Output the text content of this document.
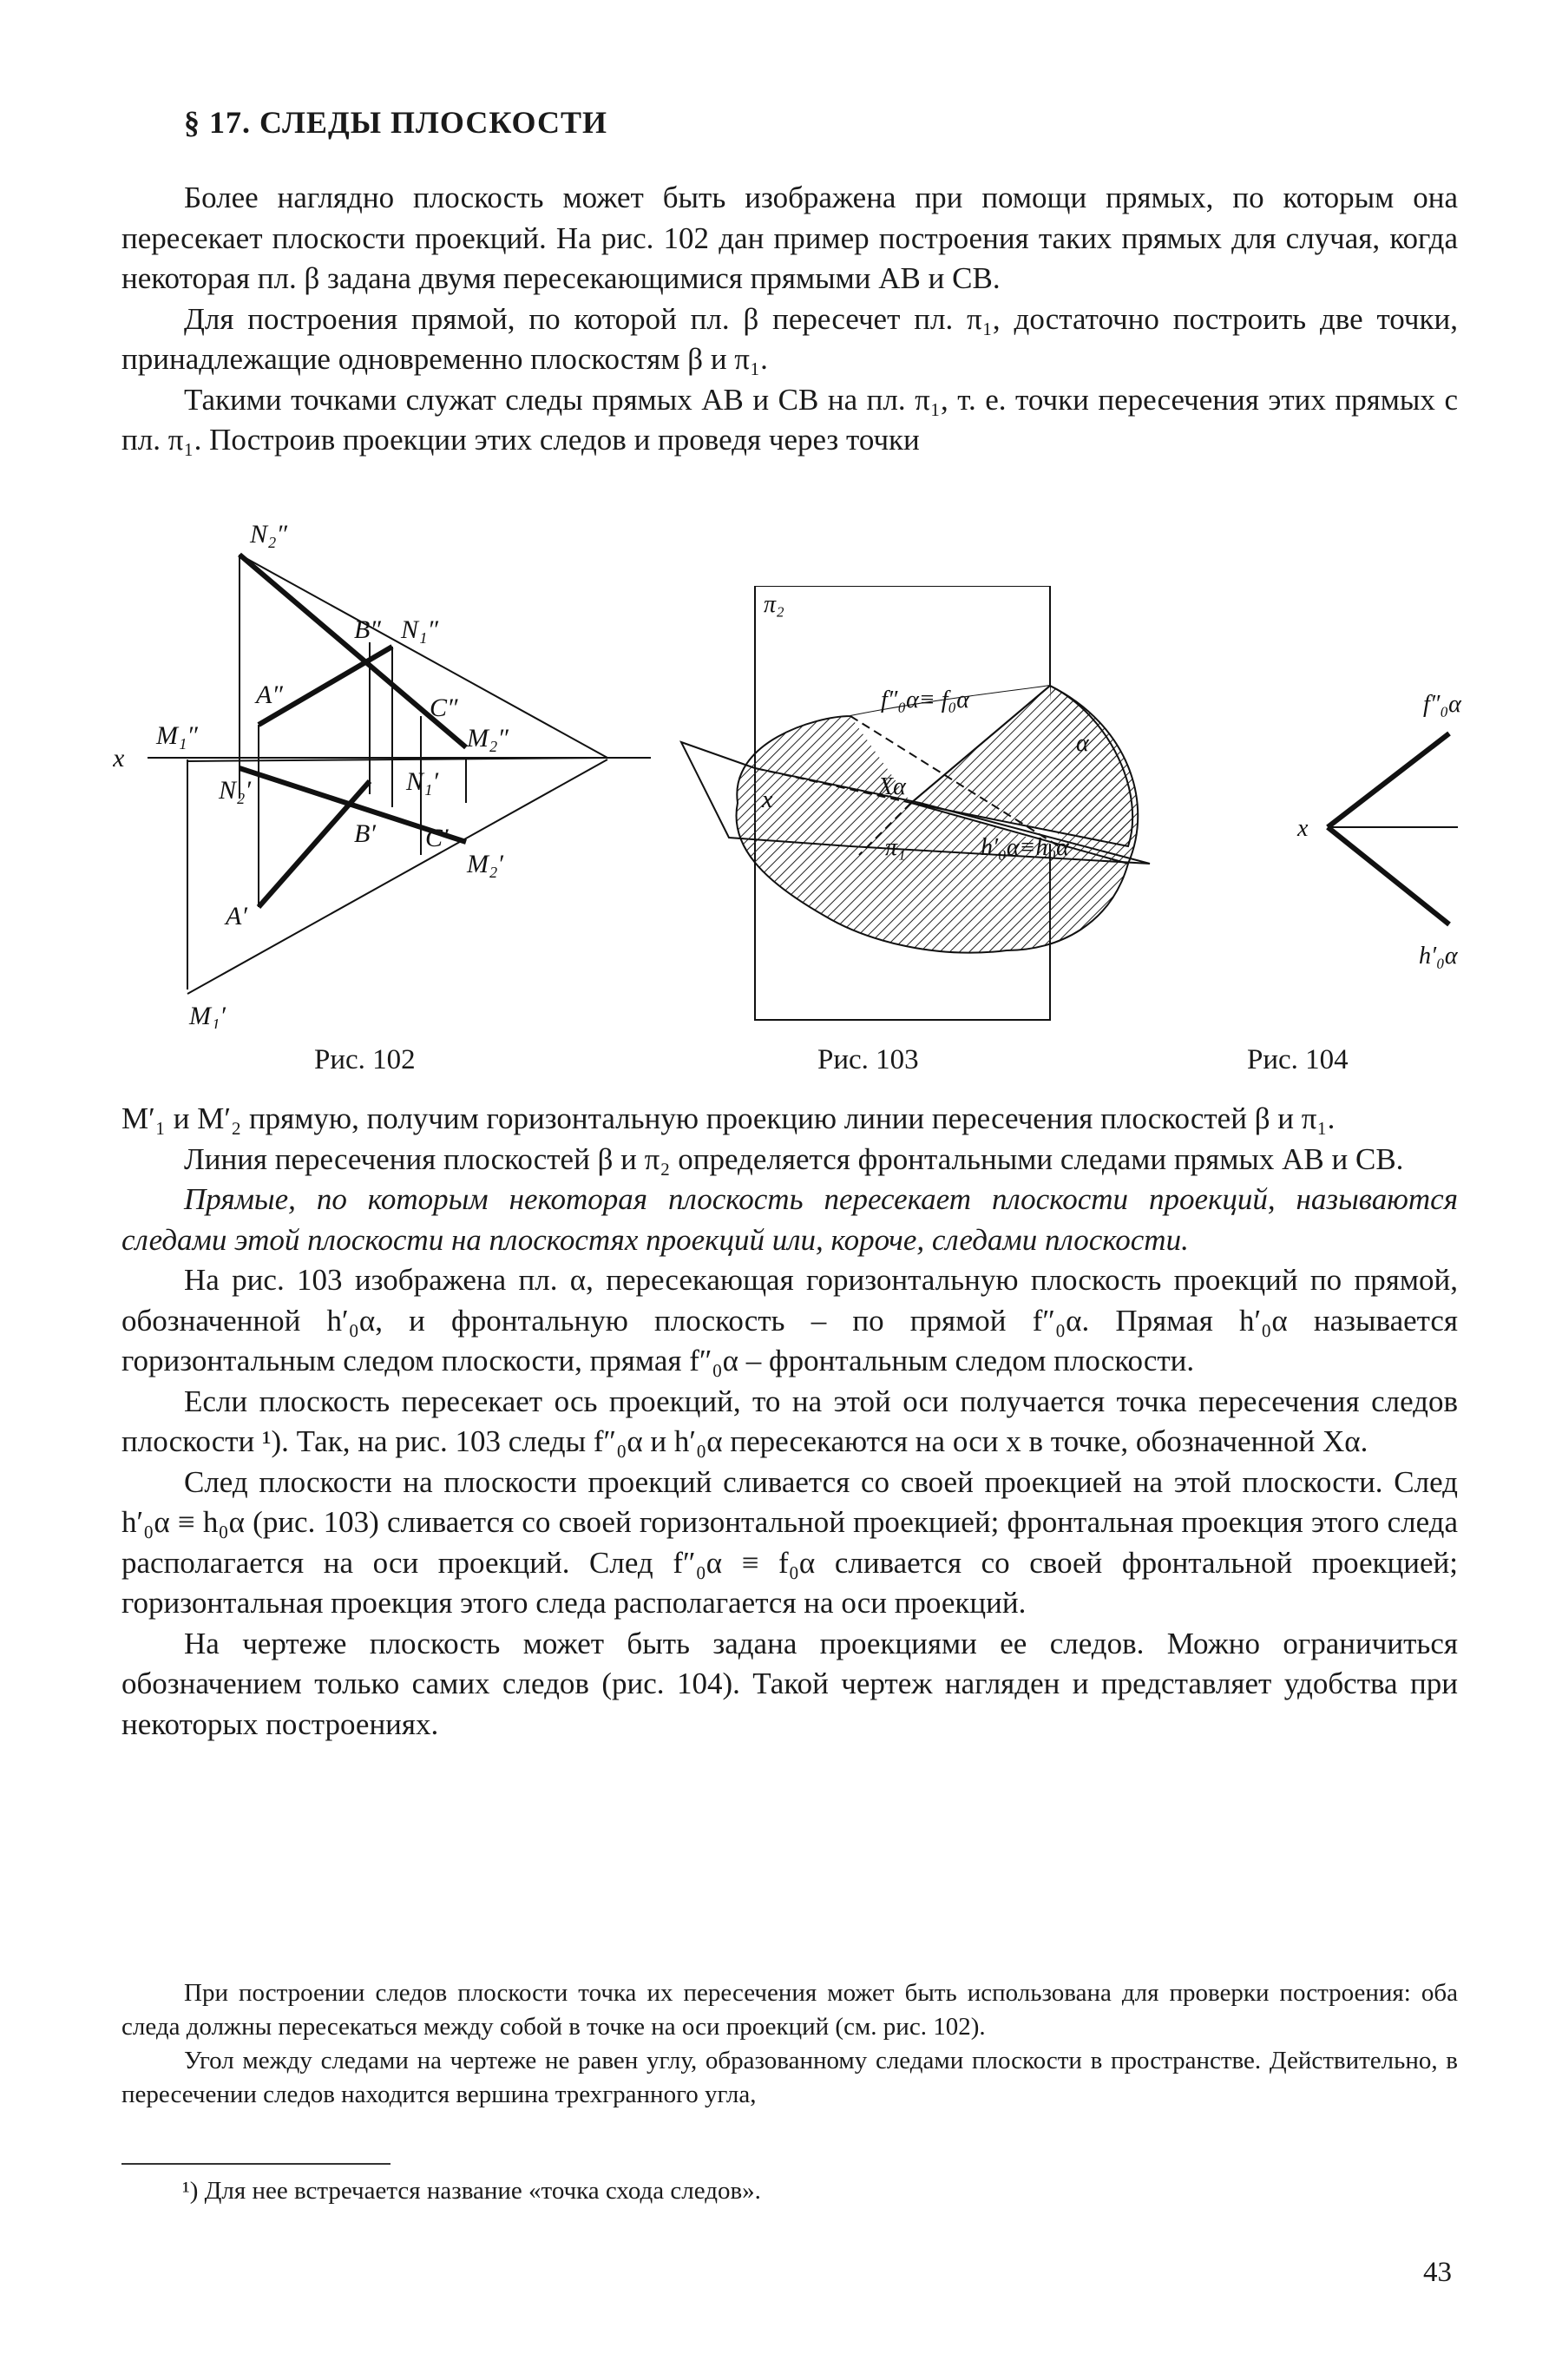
§ 17. СЛЕДЫ ПЛОСКОСТИ

Более наглядно плоскость может быть изображена при помощи прямых, по которым она пересекает плоскости проекций. На рис. 102 дан пример построения таких прямых для случая, когда некоторая пл. β задана двумя пересекающимися прямыми AB и CB.

Для построения прямой, по которой пл. β пересечет пл. π₁, достаточно построить две точки, принадлежащие одновременно плоскостям β и π₁.

Такими точками служат следы прямых AB и CB на пл. π₁, т. е. точки пересечения этих прямых с пл. π₁. Построив проекции этих следов и проведя через точки

N₂″
B″ N₁″
A″	C″
M₁″	M₂″
x
N₂′	N₁′
B′ C′
M₂′
A′
M₁′
Рис. 102
π₂
f″₀α≡ f₀α
α
Xα
x
π₁	h′₀α≡h₀α
Рис. 103
f″₀α
x
h′₀α
Рис. 104

M′₁ и M′₂ прямую, получим горизонтальную проекцию линии пересечения плоскостей β и π₁.

Линия пересечения плоскостей β и π₂ определяется фронтальными следами прямых AB и CB.

Прямые, по которым некоторая плоскость пересекает плоскости проекций, называются следами этой плоскости на плоскостях проекций или, короче, следами плоскости.

На рис. 103 изображена пл. α, пересекающая горизонтальную плоскость проекций по прямой, обозначенной h′₀α, и фронтальную плоскость – по прямой f″₀α. Прямая h′₀α называется горизонтальным следом плоскости, прямая f″₀α – фронтальным следом плоскости.

Если плоскость пересекает ось проекций, то на этой оси получается точка пересечения следов плоскости ¹). Так, на рис. 103 следы f″₀α и h′₀α пересекаются на оси x в точке, обозначенной Xα.

След плоскости на плоскости проекций сливается со своей проекцией на этой плоскости. След h′₀α ≡ h₀α (рис. 103) сливается со своей горизонтальной проекцией; фронтальная проекция этого следа располагается на оси проекций. След f″₀α ≡ f₀α сливается со своей фронтальной проекцией; горизонтальная проекция этого следа располагается на оси проекций.

На чертеже плоскость может быть задана проекциями ее следов. Можно ограничиться обозначением только самих следов (рис. 104). Такой чертеж нагляден и представляет удобства при некоторых построениях.

При построении следов плоскости точка их пересечения может быть использована для проверки построения: оба следа должны пересекаться между собой в точке на оси проекций (см. рис. 102).

Угол между следами на чертеже не равен углу, образованному следами плоскости в пространстве. Действительно, в пересечении следов находится вершина трехгранного угла,

¹) Для нее встречается название «точка схода следов».
43
